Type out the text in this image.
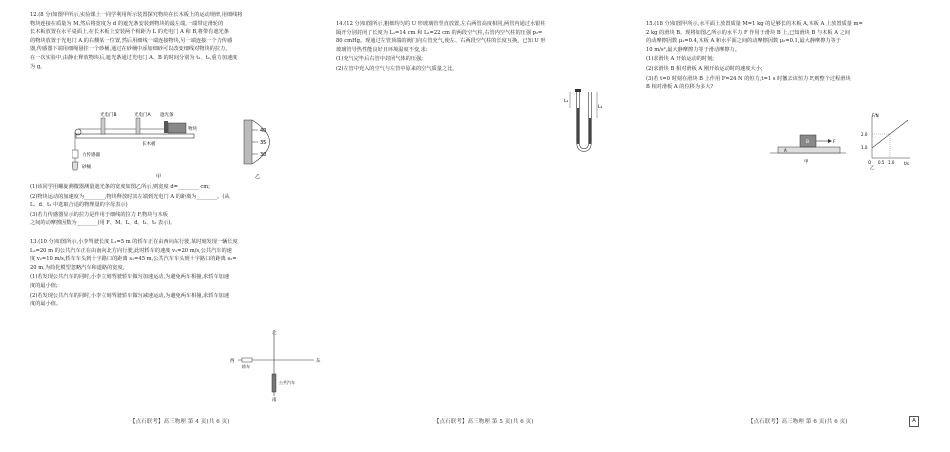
12.(8 分)如图甲所示,实验课上一同学利用所示装置探究物块在长木板上的运动规律,用细线将

物块连接在质量为 M,然后将宽度为 d 的遮光条安装到物块的最左端,一端带定滑轮的

长木板放置在水平桌面上,在长木板上安装两个相距为 L 的光电门 A 和 B,将带有遮光条

的物块放置于光电门 A 的右侧某一位置,然后用细线一端连接物块,另一端连接一个力传感

器,传感器下端用细绳悬挂一个砂桶,通过在砂桶中添加细砂可以改变细线对物块的拉力。

在一次实验中,由静止释放物块后,遮光条通过光电门 A、B 的时间分别为 t₁、t₂,重力加速度

为 g。

光电门B	光电门A 遮光条
物块
长木板
力传感器
砂桶
甲
40
35
30
乙

(1)该同学用螺旋测微器测量遮光条的宽度如图乙所示,则宽度 d=________ cm;

(2)物块运动的加速度为________,物块释放时其左端到光电门 A 的距离为________。(从

L、d、t₁ 中选取合适的物理量的字母表示)

(3)若力传感器显示的拉力是作用于细线的拉力 F,物块与木板

之间的动摩擦因数为________(用 F、M、L、d、t₁、t₂ 表示)。

13.(10 分)如图所示,小李驾驶长度 L₁=5 m 的轿车正在由西向东行驶,某时刻发现一辆长度

L₂=20 m 的公共汽车正在由南向北方向行驶,此时轿车的速度 v₁=20 m/s,公共汽车的速

度 v₂=10 m/s,轿车车头到十字路口的距离 s₁=45 m,公共汽车车头到十字路口的距离 s₂=

20 m,为简化模型忽略汽车和道路的宽度。

(1)若发现公共汽车的同时,小李立刻驾驶轿车做匀加速运动,为避免两车相撞,求轿车加速

度的最小值;

(2)若发现公共汽车的同时,小李立刻驾驶轿车做匀减速运动,为避免两车相撞,求轿车加速

度的最小值。

北
南
东
西
轿车
公共汽车
【点石联考】高三物理 第 4 页(共 6 页)

14.(12 分)如图所示,粗细均匀的 U 形玻璃管竖直放置,左右两管高度相同,两管内通过水银柱

隔开分别封闭了长度为 L₁=14 cm 和 L₂=22 cm 的两段空气柱,右管内空气柱的压强 p₂=

80 cmHg。现通过左管顶端的阀门向左管充气,使左、右两段空气柱的长度互换。已知 U 形

玻璃管导热性能良好且环境温度不变,求:

(1)充气完毕后右管中封闭气体的压强;

(2)左管中充入的空气与左管中原来的空气质量之比。

L₁
L₂
【点石联考】高三物理 第 5 页(共 6 页)

15.(18 分)如图甲所示,水平面上放置质量 M=1 kg 的足够长的木板 A,木板 A 上放置质量 m=

2 kg 的滑块 B。现将如图乙所示的水平力 F 作用于滑块 B 上,已知滑块 B 与木板 A 之间

的动摩擦因数 μ₁=0.4,木板 A 和水平面之间的动摩擦因数 μ₂=0.1,最大静摩擦力等于

10 m/s²,最大静摩擦力等于滑动摩擦力。

(1)求滑块 A 开始运动的时刻;

(2)求滑块 B 相对滑板 A 刚开始运动时的速度大小;

(3)若 t=0 时刻在滑块 B 上作用 F=24 N 的恒力,t=1 s 时撤去该恒力 F,则整个过程滑块

B 相对滑板 A 的位移为多大?

B
A
F
甲
F/N
t/s
2.0
1.0
0.5 1.0
O
乙
【点石联考】高三物理 第 6 页(共 6 页)	A
